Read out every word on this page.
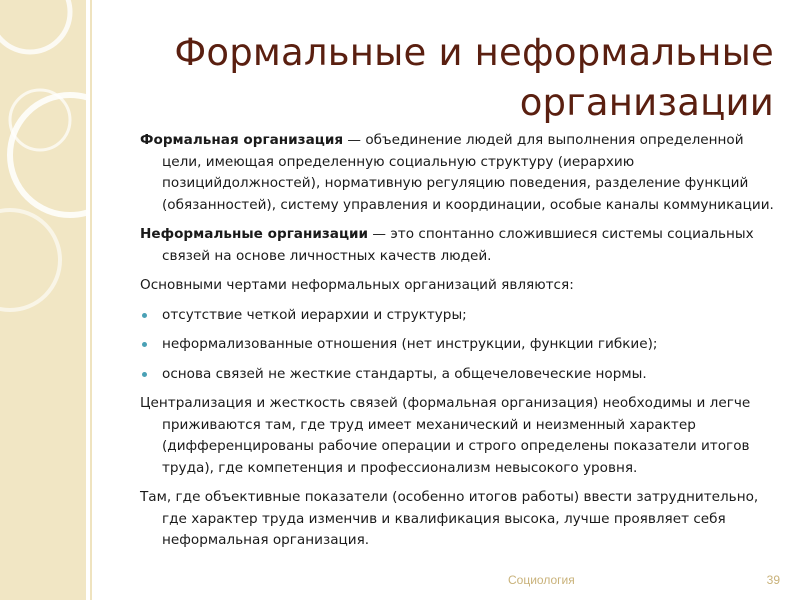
Формальные и неформальные
организации

Формальная организация — объединение людей для выполнения определенной цели, имеющая определенную социальную структуру (иерархию позицийдолжностей), нормативную регуляцию поведения, разделение функций (обязанностей), систему управления и координации, особые каналы коммуникации.

Неформальные организации — это спонтанно сложившиеся системы социальных связей на основе личностных качеств людей.

Основными чертами неформальных организаций являются:

отсутствие четкой иерархии и структуры;
неформализованные отношения (нет инструкции, функции гибкие);
основа связей не жесткие стандарты, а общечеловеческие нормы.

Централизация и жесткость связей (формальная организация) необходимы и легче приживаются там, где труд имеет механический и неизменный характер (дифференцированы рабочие операции и строго определены показатели итогов труда), где компетенция и профессионализм невысокого уровня.

Там, где объективные показатели (особенно итогов работы) ввести затруднительно, где характер труда изменчив и квалификация высока, лучше проявляет себя неформальная организация.

Социология	39
